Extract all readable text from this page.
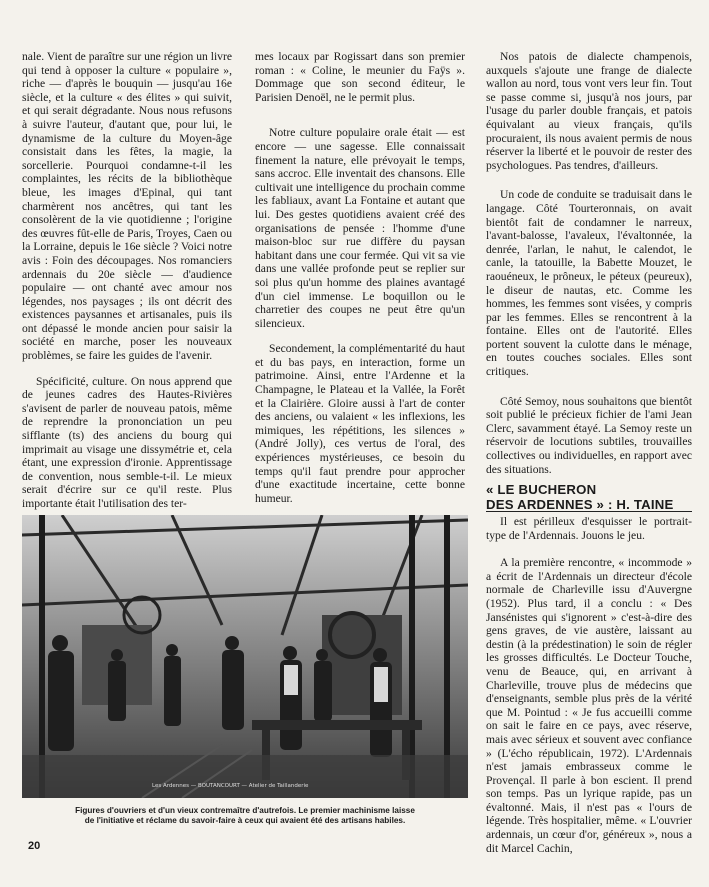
nale. Vient de paraître sur une région un livre qui tend à opposer la culture « populaire », riche — d'après le bouquin — jusqu'au 16e siècle, et la culture « des élites » qui suivit, et qui serait dégradante. Nous nous refusons à suivre l'auteur, d'autant que, pour lui, le dynamisme de la culture du Moyen-âge consistait dans les fêtes, la magie, la sorcellerie. Pourquoi condamne-t-il les complaintes, les récits de la bibliothèque bleue, les images d'Epinal, qui tant charmèrent nos ancêtres, qui tant les consolèrent de la vie quotidienne ; l'origine des œuvres fût-elle de Paris, Troyes, Caen ou la Lorraine, depuis le 16e siècle ? Voici notre avis : Foin des découpages. Nos romanciers ardennais du 20e siècle — d'audience populaire — ont chanté avec amour nos légendes, nos paysages ; ils ont décrit des existences paysannes et artisanales, puis ils ont dépassé le monde ancien pour saisir la société en marche, poser les nouveaux problèmes, se faire les guides de l'avenir.

Spécificité, culture. On nous apprend que de jeunes cadres des Hautes-Rivières s'avisent de parler de nouveau patois, même de reprendre la prononciation un peu sifflante (ts) des anciens du bourg qui imprimait au visage une dissymétrie et, cela étant, une expression d'ironie. Apprentissage de convention, nous semble-t-il. Le mieux serait d'écrire sur ce qu'il reste. Plus importante était l'utilisation des ter-

mes locaux par Rogissart dans son premier roman : « Coline, le meunier du Faÿs ». Dommage que son second éditeur, le Parisien Denoël, ne le permit plus.

Notre culture populaire orale était — est encore — une sagesse. Elle connaissait finement la nature, elle prévoyait le temps, sans accroc. Elle inventait des chansons. Elle cultivait une intelligence du prochain comme les fabliaux, avant La Fontaine et autant que lui. Des gestes quotidiens avaient créé des organisations de pensée : l'homme d'une maison-bloc sur rue diffère du paysan habitant dans une cour fermée. Qui vit sa vie dans une vallée profonde peut se replier sur soi plus qu'un homme des plaines avantagé d'un ciel immense. Le boquillon ou le charretier des coupes ne peut être qu'un silencieux.

Secondement, la complémentarité du haut et du bas pays, en interaction, forme un patrimoine. Ainsi, entre l'Ardenne et la Champagne, le Plateau et la Vallée, la Forêt et la Clairière. Gloire aussi à l'art de conter des anciens, ou valaient « les inflexions, les mimiques, les répétitions, les silences » (André Jolly), ces vertus de l'oral, des expériences mystérieuses, ce besoin du temps qu'il faut prendre pour approcher d'une exactitude incertaine, cette bonne humeur.

Nos patois de dialecte champenois, auxquels s'ajoute une frange de dialecte wallon au nord, tous vont vers leur fin. Tout se passe comme si, jusqu'à nos jours, par l'usage du parler double français, et patois équivalant au vieux français, qu'ils procuraient, ils nous avaient permis de nous réserver la liberté et le pouvoir de rester des psychologues. Pas tendres, d'ailleurs.

Un code de conduite se traduisait dans le langage. Côté Tourteronnais, on avait bientôt fait de condamner le narreux, l'avant-balosse, l'avaleux, l'évaltonnée, la denrée, l'arlan, le nahut, le calendot, le canle, la tatouille, la Babette Mouzet, le raouéneux, le prôneux, le péteux (peureux), le diseur de nautas, etc. Comme les hommes, les femmes sont visées, y compris par les femmes. Elles se rencontrent à la fontaine. Elles ont de l'autorité. Elles portent souvent la culotte dans le ménage, en toutes couches sociales. Elles sont critiques.

Côté Semoy, nous souhaitons que bientôt soit publié le précieux fichier de l'ami Jean Clerc, savamment étayé. La Semoy reste un réservoir de locutions subtiles, trouvailles collectives ou individuelles, en rapport avec des situations.

« LE BUCHERON
DES ARDENNES » : H. TAINE

Il est périlleux d'esquisser le portrait-type de l'Ardennais. Jouons le jeu.

A la première rencontre, « incommode » a écrit de l'Ardennais un directeur d'école normale de Charleville issu d'Auvergne (1952). Plus tard, il a conclu : « Des Jansénistes qui s'ignorent » c'est-à-dire des gens graves, de vie austère, laissant au destin (à la prédestination) le soin de régler les grosses difficultés. Le Docteur Touche, venu de Beauce, qui, en arrivant à Charleville, trouve plus de médecins que d'enseignants, semble plus près de la vérité que M. Pointud : « Je fus accueilli comme on sait le faire en ce pays, avec réserve, mais avec sérieux et souvent avec confiance » (L'écho républicain, 1972). L'Ardennais n'est jamais embrasseux comme le Provençal. Il parle à bon escient. Il prend son temps. Pas un lyrique rapide, pas un évaltonné. Mais, il n'est pas « l'ours de légende. Très hospitalier, même. « L'ouvrier ardennais, un cœur d'or, généreux », nous a dit Marcel Cachin,

Les Ardennes — BOUTANCOURT — Atelier de Taillanderie
Figures d'ouvriers et d'un vieux contremaître d'autrefois. Le premier machinisme laisse
de l'initiative et réclame du savoir-faire à ceux qui avaient été des artisans habiles.
20
